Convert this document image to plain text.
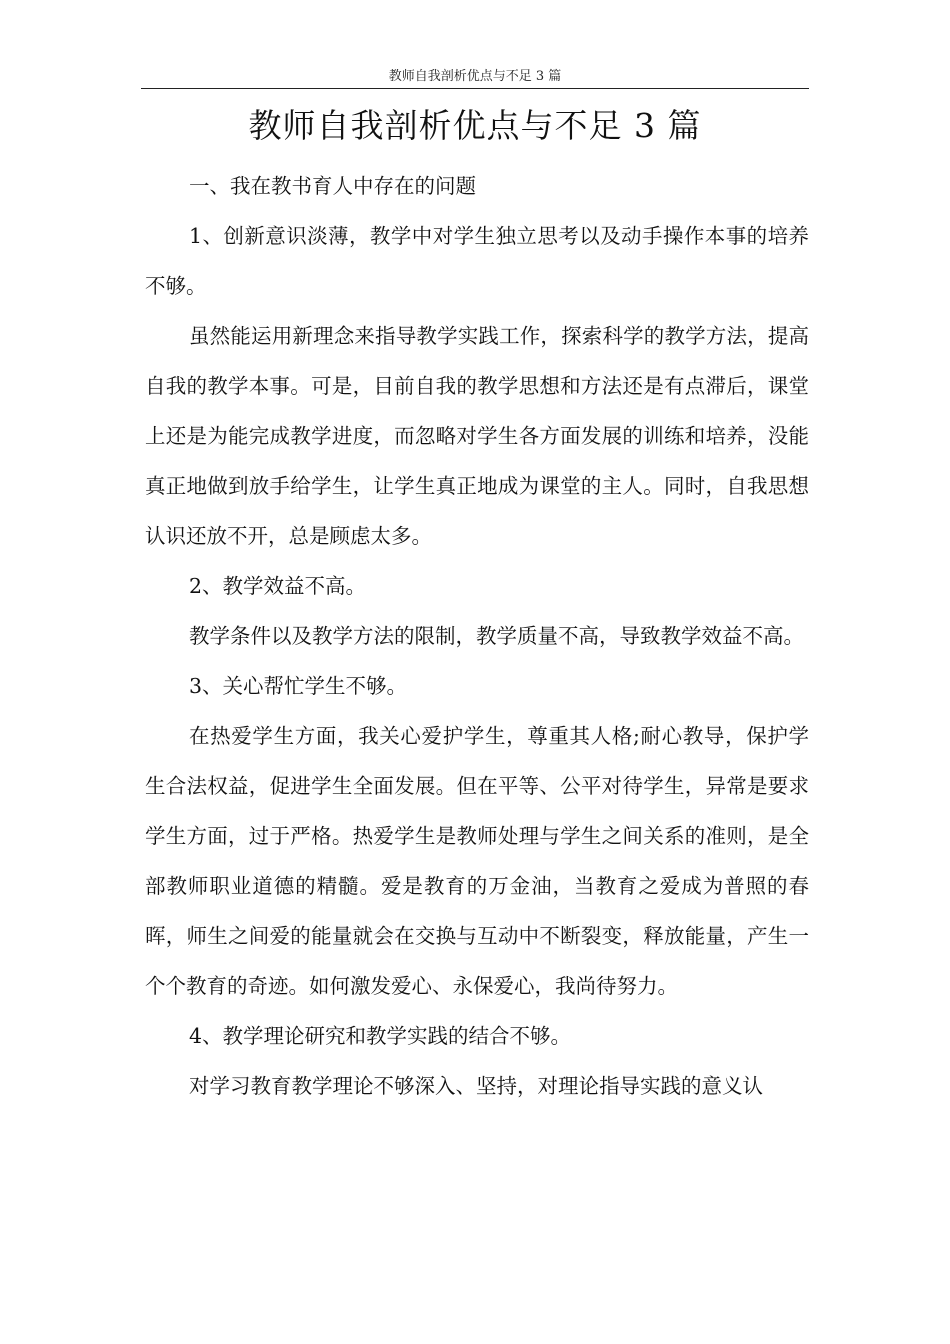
教师自我剖析优点与不足 3 篇
教师自我剖析优点与不足 3 篇

一、我在教书育人中存在的问题

1、创新意识淡薄，教学中对学生独立思考以及动手操作本事的培养不够。

虽然能运用新理念来指导教学实践工作，探索科学的教学方法，提高自我的教学本事。可是，目前自我的教学思想和方法还是有点滞后，课堂上还是为能完成教学进度，而忽略对学生各方面发展的训练和培养，没能真正地做到放手给学生，让学生真正地成为课堂的主人。同时，自我思想认识还放不开，总是顾虑太多。

2、教学效益不高。

教学条件以及教学方法的限制，教学质量不高，导致教学效益不高。

3、关心帮忙学生不够。

在热爱学生方面，我关心爱护学生，尊重其人格;耐心教导，保护学生合法权益，促进学生全面发展。但在平等、公平对待学生，异常是要求学生方面，过于严格。热爱学生是教师处理与学生之间关系的准则，是全部教师职业道德的精髓。爱是教育的万金油，当教育之爱成为普照的春晖，师生之间爱的能量就会在交换与互动中不断裂变，释放能量，产生一个个教育的奇迹。如何激发爱心、永保爱心，我尚待努力。

4、教学理论研究和教学实践的结合不够。

对学习教育教学理论不够深入、坚持，对理论指导实践的意义认
